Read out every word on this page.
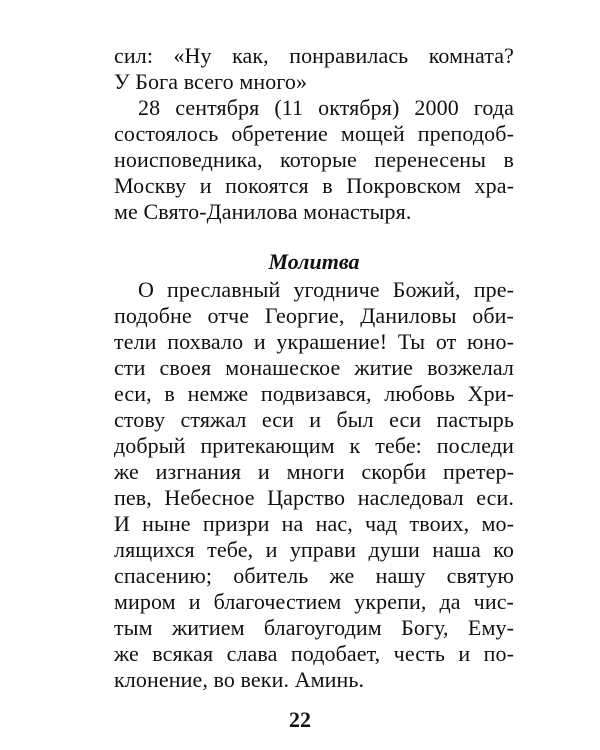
сил: «Ну как, понравилась комната?
У Бога всего много»
28 сентября (11 октября) 2000 года
состоялось обретение мощей преподоб-
ноисповедника, которые перенесены в
Москву и покоятся в Покровском хра-
ме Свято-Данилова монастыря.
Молитва
О преславный угодниче Божий, пре-
подобне отче Георгие, Даниловы оби-
тели похвало и украшение! Ты от юно-
сти своея монашеское житие возжелал
еси, в немже подвизався, любовь Хри-
стову стяжал еси и был еси пастырь
добрый притекающим к тебе: последи
же изгнания и многи скорби претер-
пев, Небесное Царство наследовал еси.
И ныне призри на нас, чад твоих, мо-
лящихся тебе, и управи души наша ко
спасению; обитель же нашу святую
миром и благочестием укрепи, да чис-
тым житием благоугодим Богу, Ему-
же всякая слава подобает, честь и по-
клонение, во веки. Аминь.
22
